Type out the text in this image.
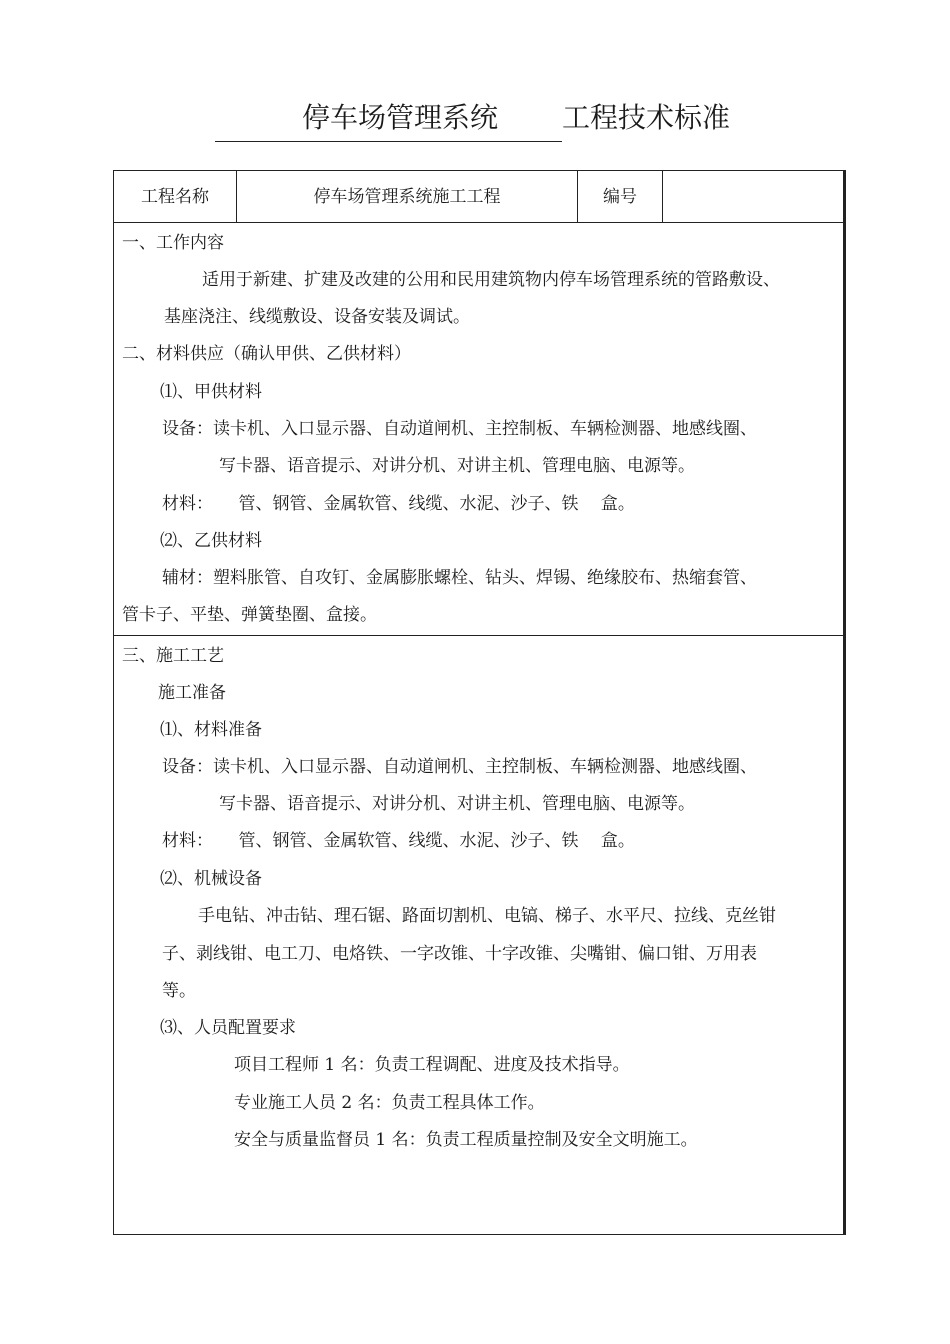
停车场管理系统 工程技术标准
工程名称	停车场管理系统施工工程	编号
一、工作内容
适用于新建、扩建及改建的公用和民用建筑物内停车场管理系统的管路敷设、
基座浇注、线缆敷设、设备安装及调试。
二、材料供应（确认甲供、乙供材料）
⑴、甲供材料
设备：读卡机、入口显示器、自动道闸机、主控制板、车辆检测器、地感线圈、
写卡器、语音提示、对讲分机、对讲主机、管理电脑、电源等。
材料：　　管、钢管、金属软管、线缆、水泥、沙子、铁　 盒。
⑵、乙供材料
辅材：塑料胀管、自攻钉、金属膨胀螺栓、钻头、焊锡、绝缘胶布、热缩套管、
管卡子、平垫、弹簧垫圈、盒接。
三、施工工艺
施工准备
⑴、材料准备
设备：读卡机、入口显示器、自动道闸机、主控制板、车辆检测器、地感线圈、
写卡器、语音提示、对讲分机、对讲主机、管理电脑、电源等。
材料：　　管、钢管、金属软管、线缆、水泥、沙子、铁　 盒。
⑵、机械设备
手电钻、冲击钻、理石锯、路面切割机、电镐、梯子、水平尺、拉线、克丝钳
子、剥线钳、电工刀、电烙铁、一字改锥、十字改锥、尖嘴钳、偏口钳、万用表
等。
⑶、人员配置要求
项目工程师 1 名：负责工程调配、进度及技术指导。
专业施工人员 2 名：负责工程具体工作。
安全与质量监督员 1 名：负责工程质量控制及安全文明施工。
